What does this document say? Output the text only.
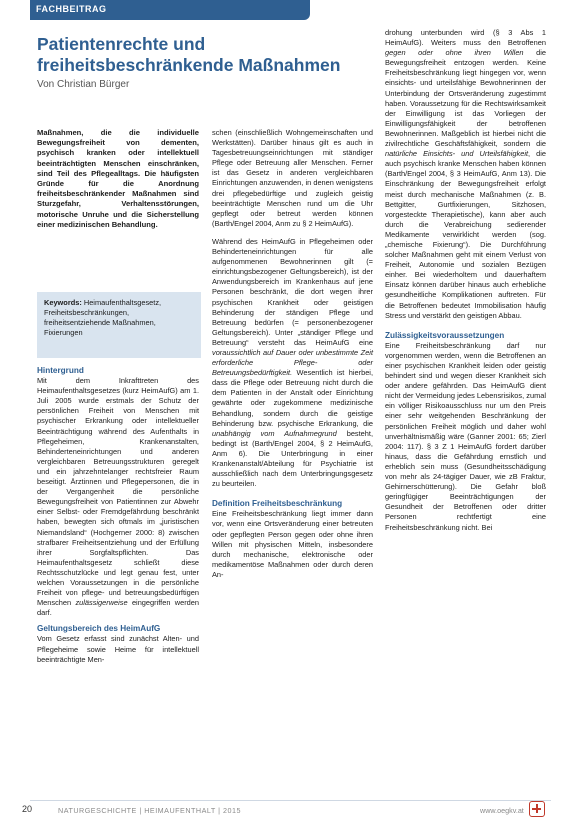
FACHBEITRAG
Patientenrechte und freiheitsbeschränkende Maßnahmen
Von Christian Bürger

Maßnahmen, die die individuelle Bewegungsfreiheit von dementen, psychisch kranken oder intellektuell beeinträchtigten Menschen einschränken, sind Teil des Pflegealltags. Die häufigsten Gründe für die Anordnung freiheitsbeschränkender Maßnahmen sind Sturzgefahr, Verhaltensstörungen, motorische Unruhe und die Sicherstellung einer medizinischen Behandlung.

Keywords: Heimaufenthaltsgesetz, Freiheitsbeschränkungen, freiheitsentziehende Maßnahmen, Fixierungen

Hintergrund

Mit dem Inkrafttreten des Heimaufenthaltsgesetzes (kurz HeimAufG) am 1. Juli 2005 wurde erstmals der Schutz der persönlichen Freiheit von Menschen mit psychischer Erkrankung oder intellektueller Beeinträchtigung während des Aufenthalts in Pflegeheimen, Krankenanstalten, Behinderteneinrichtungen und anderen vergleichbaren Betreuungsstrukturen geregelt und ein jahrzehntelanger rechtsfreier Raum beseitigt. Ärztinnen und Pflegepersonen, die in der Vergangenheit die persönliche Bewegungsfreiheit von Patientinnen zur Abwehr einer Selbst- oder Fremdgefährdung beschränkt haben, bewegten sich oftmals im „juristischen Niemandsland“ (Hochgerner 2000: 8) zwischen strafbarer Freiheitsentziehung und der Erfüllung ihrer Sorgfaltspflichten. Das Heimaufenthaltsgesetz schließt diese Rechtsschutzlücke und legt genau fest, unter welchen Voraussetzungen in die persönliche Freiheit von pflege- und betreuungsbedürftigen Menschen zulässigerweise eingegriffen werden darf.

Geltungsbereich des HeimAufG

Vom Gesetz erfasst sind zunächst Alten- und Pflegeheime sowie Heime für intellektuell beeinträchtigte Men-

schen (einschließlich Wohngemeinschaften und Werkstätten). Darüber hinaus gilt es auch in Tagesbetreuungseinrichtungen mit ständiger Pflege oder Betreuung aller Menschen. Ferner ist das Gesetz in anderen vergleichbaren Einrichtungen anzuwenden, in denen wenigstens drei pflegebedürftige und zugleich geistig beeinträchtigte Menschen rund um die Uhr gepflegt oder betreut werden können (Barth/Engel 2004, Anm zu § 2 HeimAufG).

Während des HeimAufG in Pflegeheimen oder Behinderteneinrichtungen für alle aufgenommenen Bewohnerinnen gilt (= einrichtungsbezogener Geltungsbereich), ist der Anwendungsbereich im Krankenhaus auf jene Personen beschränkt, die dort wegen ihrer psychischen Krankheit oder geistigen Behinderung der ständigen Pflege und Betreuung bedürfen (= personenbezogener Geltungsbereich). Unter „ständiger Pflege und Betreuung“ versteht das HeimAufG eine voraussichtlich auf Dauer oder unbestimmte Zeit erforderliche Pflege- oder Betreuungsbedürftigkeit. Wesentlich ist hierbei, dass die Pflege oder Betreuung nicht durch die dem Patienten in der Anstalt oder Einrichtung gewährte oder zugekommene medizinische Behandlung, sondern durch die geistige Behinderung bzw. psychische Erkrankung, die unabhängig vom Aufnahmegrund besteht, bedingt ist (Barth/Engel 2004, § 2 HeimAufG, Anm 6). Die Unterbringung in einer Krankenanstalt/Abteilung für Psychiatrie ist ausschließlich nach dem Unterbringungsgesetz zu beurteilen.

Definition Freiheitsbeschränkung

Eine Freiheitsbeschränkung liegt immer dann vor, wenn eine Ortsveränderung einer betreuten oder gepflegten Person gegen oder ohne ihren Willen mit physischen Mitteln, insbesondere durch mechanische, elektronische oder medikamentöse Maßnahmen oder durch deren An-

drohung unterbunden wird (§ 3 Abs 1 HeimAufG). Weiters muss den Betroffenen gegen oder ohne ihren Willen die Bewegungsfreiheit entzogen werden. Keine Freiheitsbeschränkung liegt hingegen vor, wenn einsichts- und urteilsfähige Bewohnerinnen der Unterbindung der Ortsveränderung zugestimmt haben. Voraussetzung für die Rechtswirksamkeit der Einwilligung ist das Vorliegen der Einwilligungsfähigkeit der betroffenen Bewohnerinnen. Maßgeblich ist hierbei nicht die zivilrechtliche Geschäftsfähigkeit, sondern die natürliche Einsichts- und Urteilsfähigkeit, die auch psychisch kranke Menschen haben können (Barth/Engel 2004, § 3 HeimAufG, Anm 13). Die Einschränkung der Bewegungsfreiheit erfolgt meist durch mechanische Maßnahmen (z. B. Bettgitter, Gurtfixierungen, Sitzhosen, vorgesteckte Therapietische), kann aber auch durch die Verabreichung sedierender Medikamente verwirklicht werden (sog. „chemische Fixierung“). Die Durchführung solcher Maßnahmen geht mit einem Verlust von Freiheit, Autonomie und sozialen Bezügen einher. Bei wiederholtem und dauerhaftem Einsatz können darüber hinaus auch erhebliche gesundheitliche Komplikationen auftreten. Für die Betroffenen bedeutet Immobilisation häufig Stress und verstärkt den geistigen Abbau.

Zulässigkeitsvoraussetzungen

Eine Freiheitsbeschränkung darf nur vorgenommen werden, wenn die Betroffenen an einer psychischen Krankheit leiden oder geistig behindert sind und wegen dieser Krankheit sich oder andere gefährden. Das HeimAufG dient nicht der Vermeidung jedes Lebensrisikos, zumal ein völliger Risikoausschluss nur um den Preis einer sehr weitgehenden Beschränkung der persönlichen Freiheit möglich und daher wohl unverhältnismäßig wäre (Ganner 2001: 65; Zierl 2004: 117). § 3 Z 1 HeimAufG fordert darüber hinaus, dass die Gefährdung ernstlich und erheblich sein muss (Gesundheitsschädigung von mehr als 24-tägiger Dauer, wie zB Fraktur, Gehirnerschütterung). Die Gefahr bloß geringfügiger Beeinträchtigungen der Gesundheit der Betroffenen oder dritter Personen rechtfertigt eine Freiheitsbeschränkung nicht. Bei

20	NATURGESCHICHTE | HEIMAUFENTHALT | 2015	www.oegkv.at
